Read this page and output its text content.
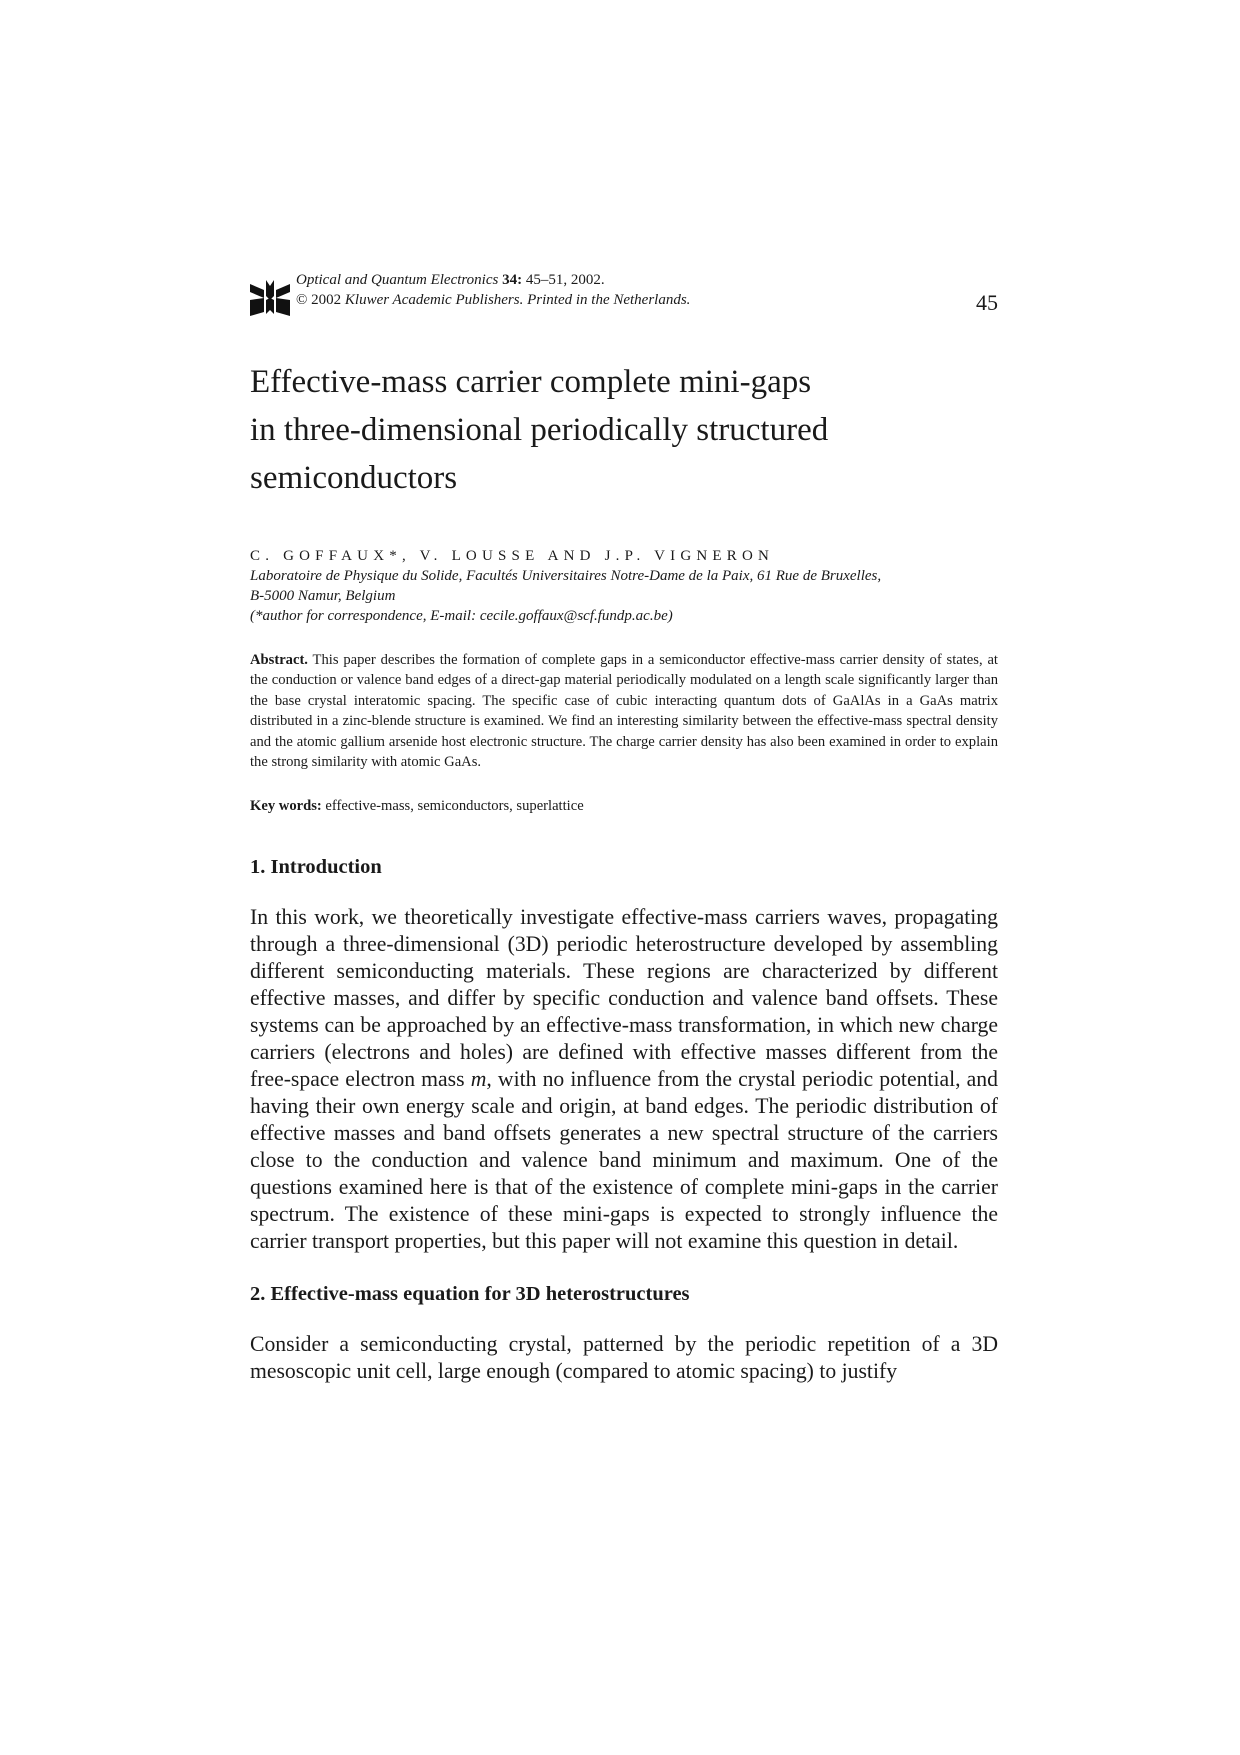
Optical and Quantum Electronics 34: 45–51, 2002.
© 2002 Kluwer Academic Publishers. Printed in the Netherlands.	45
Effective-mass carrier complete mini-gaps
in three-dimensional periodically structured
semiconductors
C. GOFFAUX*, V. LOUSSE AND J.P. VIGNERON
Laboratoire de Physique du Solide, Facultés Universitaires Notre-Dame de la Paix, 61 Rue de Bruxelles,
B-5000 Namur, Belgium
(*author for correspondence, E-mail: cecile.goffaux@scf.fundp.ac.be)
Abstract. This paper describes the formation of complete gaps in a semiconductor effective-mass carrier density of states, at the conduction or valence band edges of a direct-gap material periodically modulated on a length scale significantly larger than the base crystal interatomic spacing. The specific case of cubic interacting quantum dots of GaAlAs in a GaAs matrix distributed in a zinc-blende structure is examined. We find an interesting similarity between the effective-mass spectral density and the atomic gallium arsenide host electronic structure. The charge carrier density has also been examined in order to explain the strong similarity with atomic GaAs.
Key words: effective-mass, semiconductors, superlattice
1. Introduction
In this work, we theoretically investigate effective-mass carriers waves, propagating through a three-dimensional (3D) periodic heterostructure developed by assembling different semiconducting materials. These regions are characterized by different effective masses, and differ by specific conduction and valence band offsets. These systems can be approached by an effective-mass transformation, in which new charge carriers (electrons and holes) are defined with effective masses different from the free-space electron mass m, with no influence from the crystal periodic potential, and having their own energy scale and origin, at band edges. The periodic distribution of effective masses and band offsets generates a new spectral structure of the carriers close to the conduction and valence band minimum and maximum. One of the questions examined here is that of the existence of complete mini-gaps in the carrier spectrum. The existence of these mini-gaps is expected to strongly influence the carrier transport properties, but this paper will not examine this question in detail.
2. Effective-mass equation for 3D heterostructures
Consider a semiconducting crystal, patterned by the periodic repetition of a 3D mesoscopic unit cell, large enough (compared to atomic spacing) to justify
